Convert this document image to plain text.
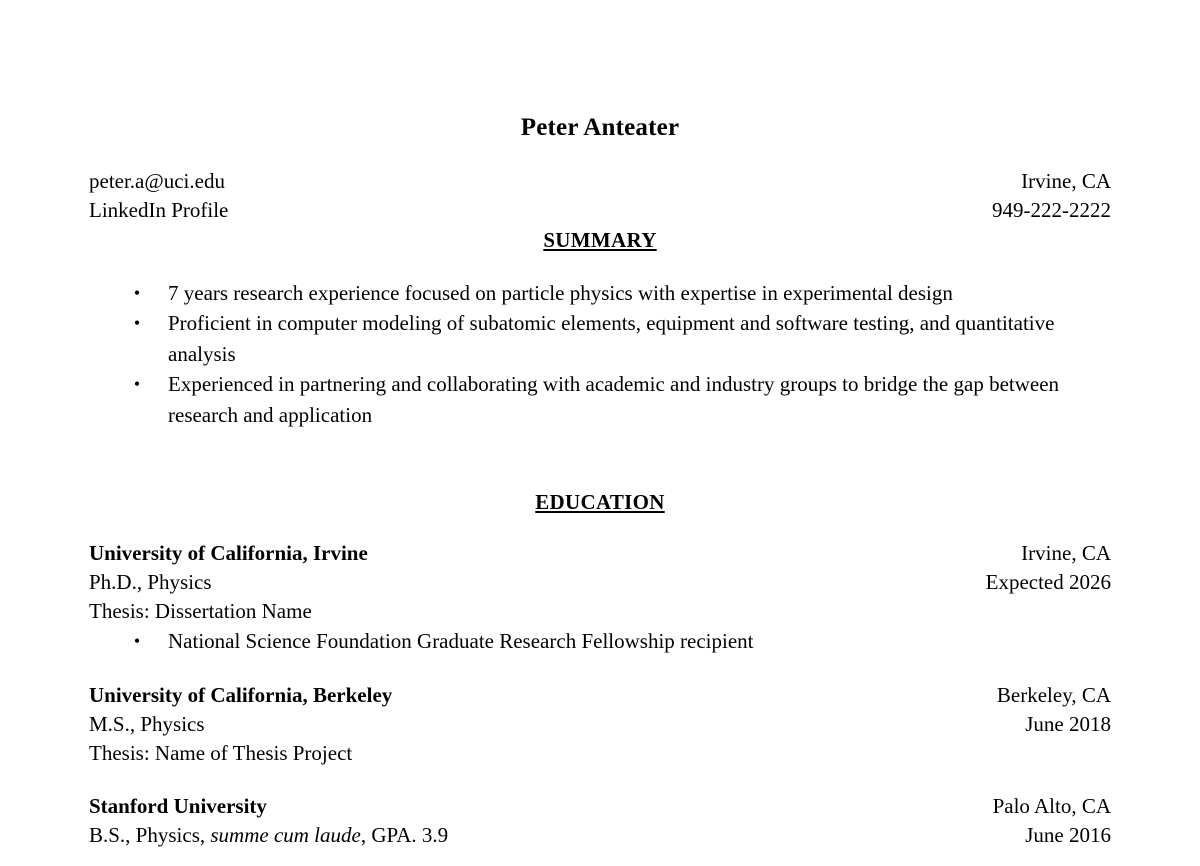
Peter Anteater
peter.a@uci.edu	Irvine, CA
LinkedIn Profile	949-222-2222
SUMMARY
• 7 years research experience focused on particle physics with expertise in experimental design
• Proficient in computer modeling of subatomic elements, equipment and software testing, and quantitative analysis
• Experienced in partnering and collaborating with academic and industry groups to bridge the gap between research and application
EDUCATION
University of California, Irvine	Irvine, CA
Ph.D., Physics	Expected 2026
Thesis: Dissertation Name
• National Science Foundation Graduate Research Fellowship recipient
University of California, Berkeley	Berkeley, CA
M.S., Physics	June 2018
Thesis: Name of Thesis Project
Stanford University	Palo Alto, CA
B.S., Physics, summe cum laude, GPA. 3.9	June 2016
